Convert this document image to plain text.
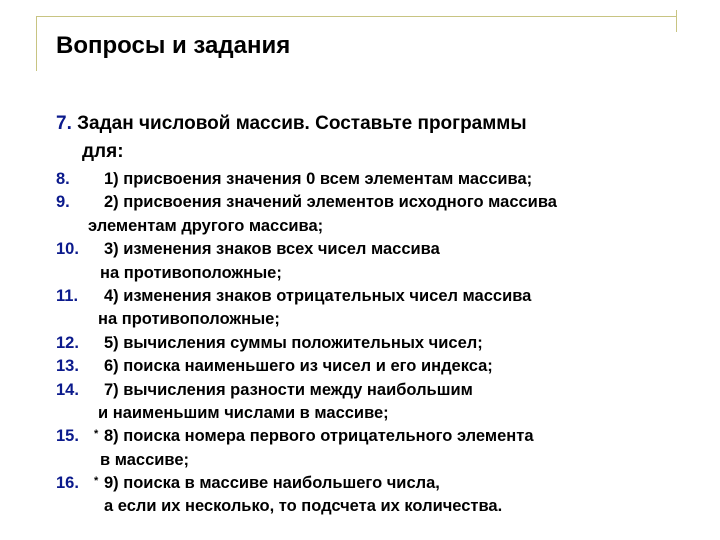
Вопросы и задания
7. Задан числовой массив. Составьте программы
для:
8.	1) присвоения значения 0 всем элементам массива;
9.	2) присвоения значений элементов исходного массива
элементам другого массива;
10.	3) изменения знаков всех чисел массива
на противоположные;
11.	4) изменения знаков отрицательных чисел массива
на противоположные;
12.	5) вычисления суммы положительных чисел;
13.	6) поиска наименьшего из чисел и его индекса;
14.	7) вычисления разности между наибольшим
и наименьшим числами в массиве;
15.	* 8) поиска номера первого отрицательного элемента
в массиве;
16.	* 9) поиска в массиве наибольшего числа,
а если их несколько, то подсчета их количества.
